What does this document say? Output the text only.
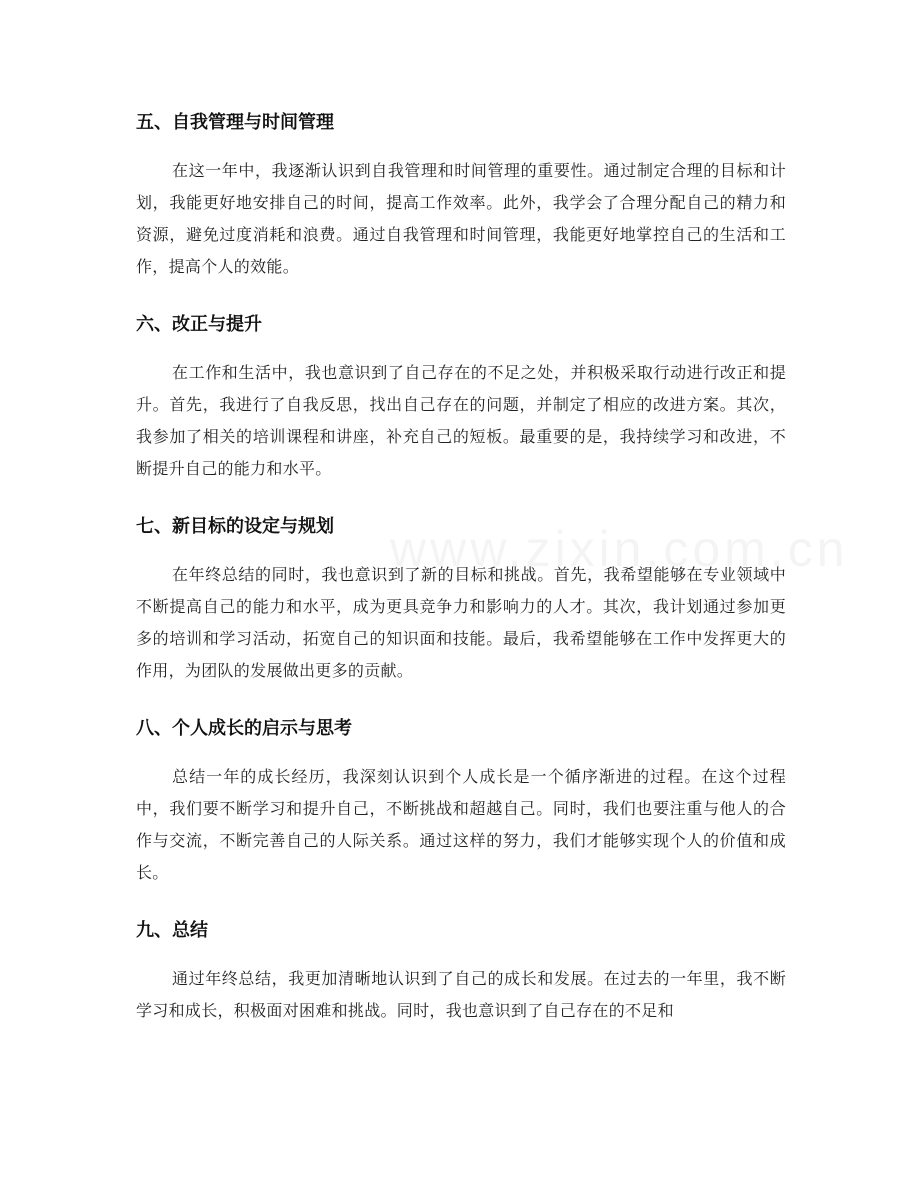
五、自我管理与时间管理

在这一年中，我逐渐认识到自我管理和时间管理的重要性。通过制定合理的目标和计划，我能更好地安排自己的时间，提高工作效率。此外，我学会了合理分配自己的精力和资源，避免过度消耗和浪费。通过自我管理和时间管理，我能更好地掌控自己的生活和工作，提高个人的效能。

六、改正与提升

在工作和生活中，我也意识到了自己存在的不足之处，并积极采取行动进行改正和提升。首先，我进行了自我反思，找出自己存在的问题，并制定了相应的改进方案。其次，我参加了相关的培训课程和讲座，补充自己的短板。最重要的是，我持续学习和改进，不断提升自己的能力和水平。

七、新目标的设定与规划

在年终总结的同时，我也意识到了新的目标和挑战。首先，我希望能够在专业领域中不断提高自己的能力和水平，成为更具竞争力和影响力的人才。其次，我计划通过参加更多的培训和学习活动，拓宽自己的知识面和技能。最后，我希望能够在工作中发挥更大的作用，为团队的发展做出更多的贡献。

八、个人成长的启示与思考

总结一年的成长经历，我深刻认识到个人成长是一个循序渐进的过程。在这个过程中，我们要不断学习和提升自己，不断挑战和超越自己。同时，我们也要注重与他人的合作与交流，不断完善自己的人际关系。通过这样的努力，我们才能够实现个人的价值和成长。

九、总结

通过年终总结，我更加清晰地认识到了自己的成长和发展。在过去的一年里，我不断学习和成长，积极面对困难和挑战。同时，我也意识到了自己存在的不足和
